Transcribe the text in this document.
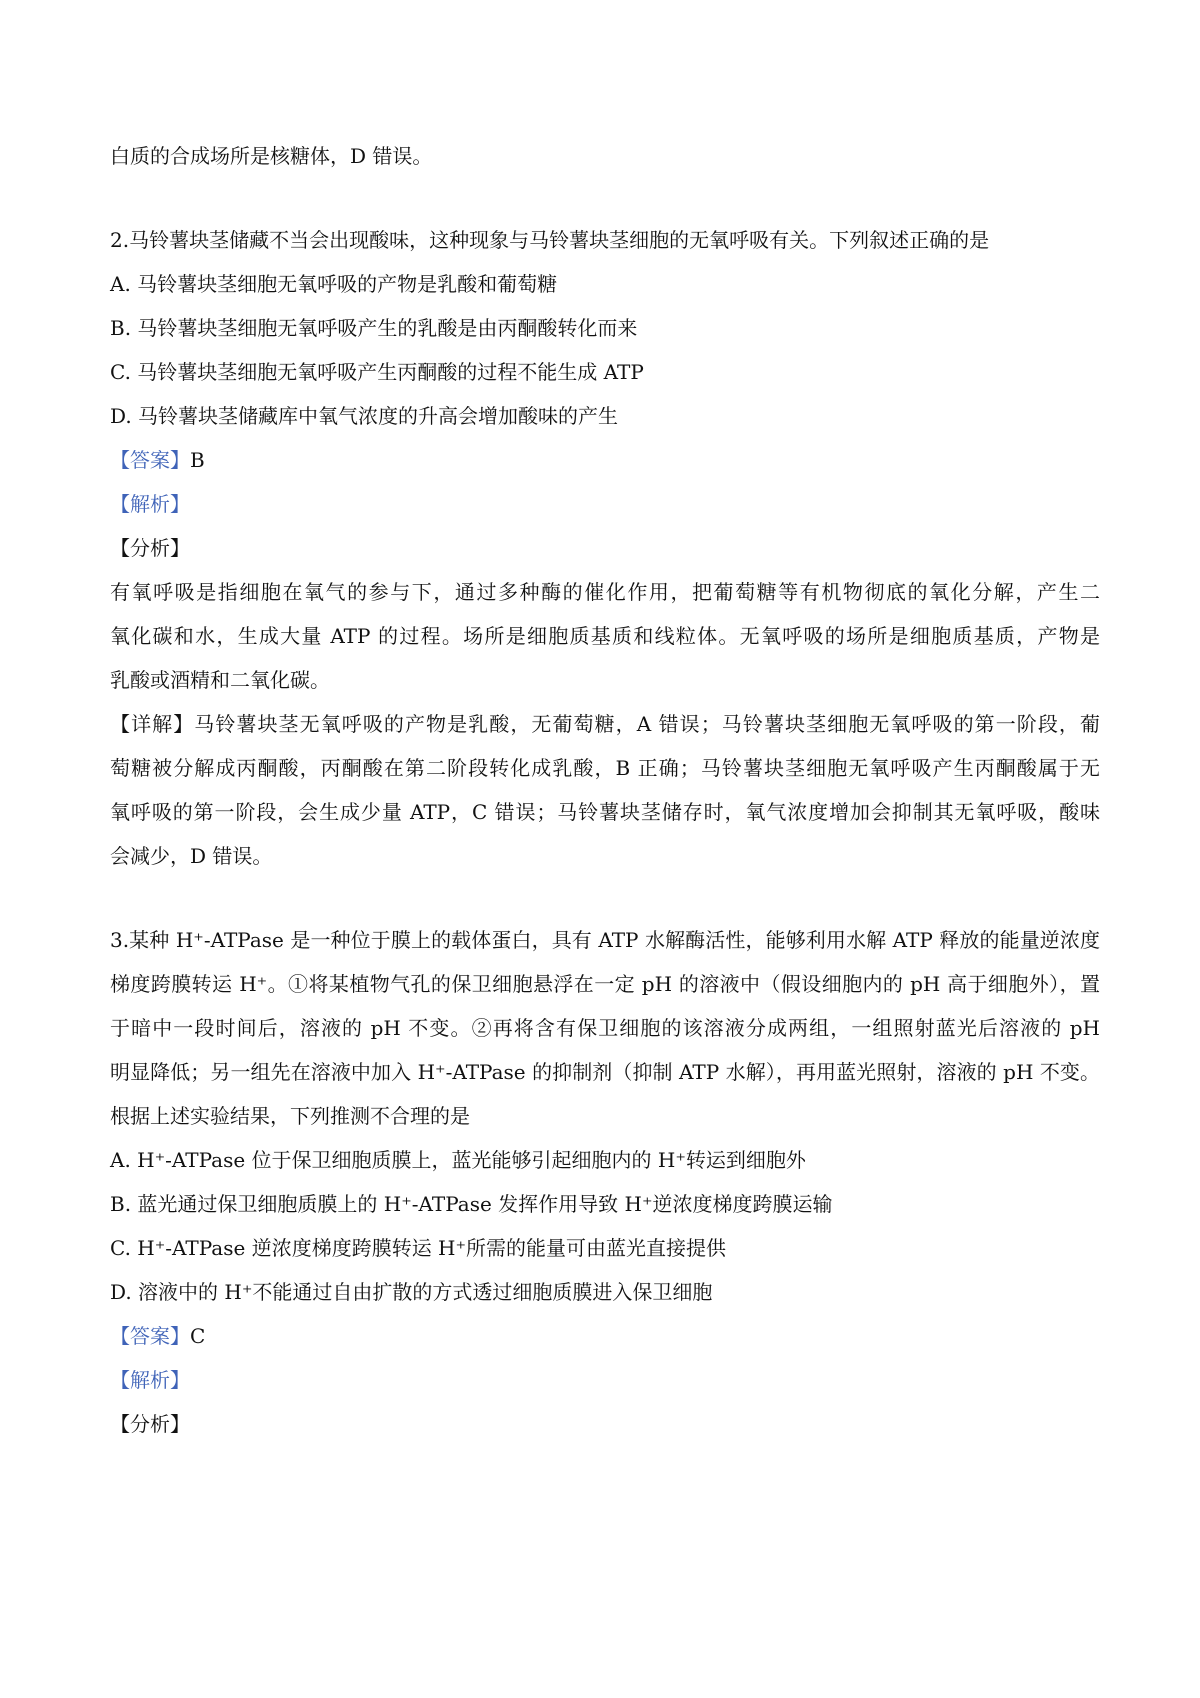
白质的合成场所是核糖体，D 错误。
2.马铃薯块茎储藏不当会出现酸味，这种现象与马铃薯块茎细胞的无氧呼吸有关。下列叙述正确的是
A. 马铃薯块茎细胞无氧呼吸的产物是乳酸和葡萄糖
B. 马铃薯块茎细胞无氧呼吸产生的乳酸是由丙酮酸转化而来
C. 马铃薯块茎细胞无氧呼吸产生丙酮酸的过程不能生成 ATP
D. 马铃薯块茎储藏库中氧气浓度的升高会增加酸味的产生
【答案】B
【解析】
【分析】
有氧呼吸是指细胞在氧气的参与下，通过多种酶的催化作用，把葡萄糖等有机物彻底的氧化分解，产生二
氧化碳和水，生成大量 ATP 的过程。场所是细胞质基质和线粒体。无氧呼吸的场所是细胞质基质，产物是
乳酸或酒精和二氧化碳。
【详解】马铃薯块茎无氧呼吸的产物是乳酸，无葡萄糖，A 错误；马铃薯块茎细胞无氧呼吸的第一阶段，葡
萄糖被分解成丙酮酸，丙酮酸在第二阶段转化成乳酸，B 正确；马铃薯块茎细胞无氧呼吸产生丙酮酸属于无
氧呼吸的第一阶段，会生成少量 ATP，C 错误；马铃薯块茎储存时，氧气浓度增加会抑制其无氧呼吸，酸味
会减少，D 错误。
3.某种 H⁺-ATPase 是一种位于膜上的载体蛋白，具有 ATP 水解酶活性，能够利用水解 ATP 释放的能量逆浓度
梯度跨膜转运 H⁺。①将某植物气孔的保卫细胞悬浮在一定 pH 的溶液中（假设细胞内的 pH 高于细胞外），置
于暗中一段时间后，溶液的 pH 不变。②再将含有保卫细胞的该溶液分成两组，一组照射蓝光后溶液的 pH
明显降低；另一组先在溶液中加入 H⁺-ATPase 的抑制剂（抑制 ATP 水解），再用蓝光照射，溶液的 pH 不变。
根据上述实验结果，下列推测不合理的是
A. H⁺-ATPase 位于保卫细胞质膜上，蓝光能够引起细胞内的 H⁺转运到细胞外
B. 蓝光通过保卫细胞质膜上的 H⁺-ATPase 发挥作用导致 H⁺逆浓度梯度跨膜运输
C. H⁺-ATPase 逆浓度梯度跨膜转运 H⁺所需的能量可由蓝光直接提供
D. 溶液中的 H⁺不能通过自由扩散的方式透过细胞质膜进入保卫细胞
【答案】C
【解析】
【分析】
